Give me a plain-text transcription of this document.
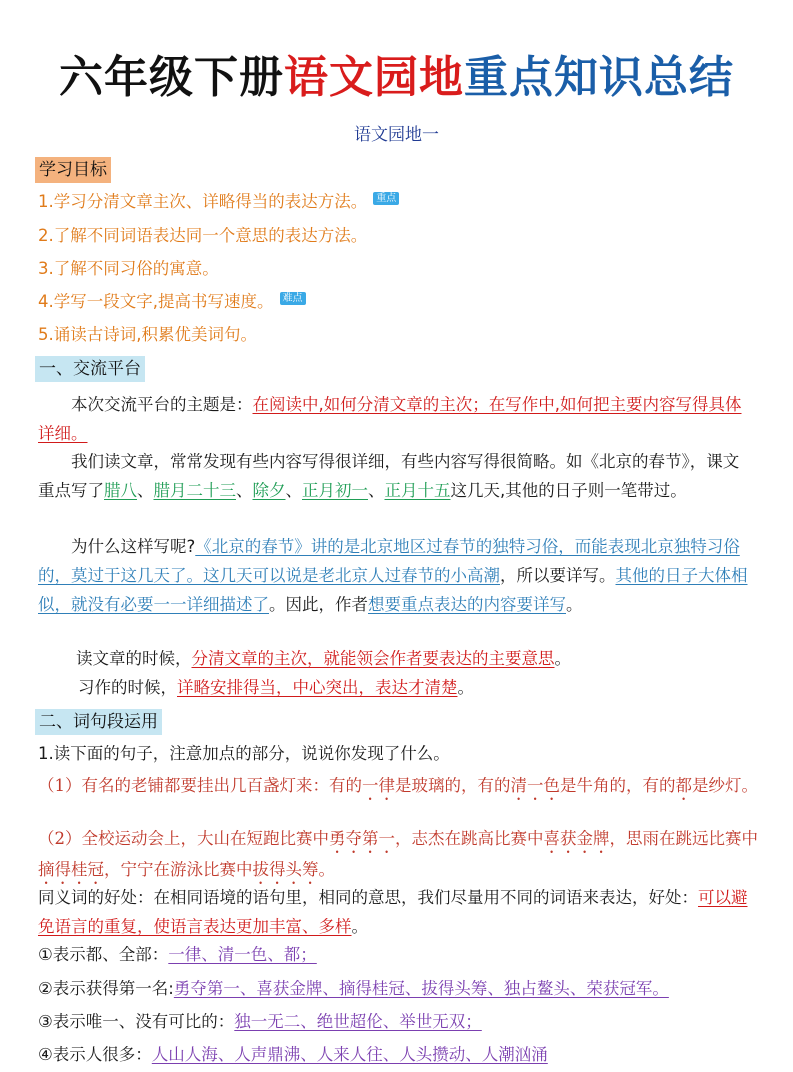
六年级下册语文园地重点知识总结
语文园地一
学习目标
1.学习分清文章主次、详略得当的表达方法。 重点
2.了解不同词语表达同一个意思的表达方法。
3.了解不同习俗的寓意。
4.学写一段文字,提高书写速度。 难点
5.诵读古诗词,积累优美词句。
一、交流平台
本次交流平台的主题是：在阅读中,如何分清文章的主次；在写作中,如何把主要内容写得具体详细。
我们读文章，常常发现有些内容写得很详细，有些内容写得很简略。如《北京的春节》，课文重点写了腊八、腊月二十三、除夕、正月初一、正月十五这几天,其他的日子则一笔带过。
为什么这样写呢?《北京的春节》讲的是北京地区过春节的独特习俗，而能表现北京独特习俗的，莫过于这几天了。这几天可以说是老北京人过春节的小高潮，所以要详写。其他的日子大体相似，就没有必要一一详细描述了。因此，作者想要重点表达的内容要详写。
读文章的时候，分清文章的主次，就能领会作者要表达的主要意思。
习作的时候，详略安排得当，中心突出，表达才清楚。
二、词句段运用
1.读下面的句子，注意加点的部分，说说你发现了什么。
（1）有名的老铺都要挂出几百盏灯来：有的一律是玻璃的，有的清一色是牛角的，有的都是纱灯。
（2）全校运动会上，大山在短跑比赛中勇夺第一，志杰在跳高比赛中喜获金牌，思雨在跳远比赛中摘得桂冠，宁宁在游泳比赛中拔得头筹。
同义词的好处：在相同语境的语句里，相同的意思，我们尽量用不同的词语来表达，好处：可以避免语言的重复，使语言表达更加丰富、多样。
①表示都、全部：一律、清一色、都；
②表示获得第一名:勇夺第一、喜获金牌、摘得桂冠、拔得头筹、独占鳌头、荣获冠军。
③表示唯一、没有可比的：独一无二、绝世超伦、举世无双；
④表示人很多：人山人海、人声鼎沸、人来人往、人头攒动、人潮汹涌
